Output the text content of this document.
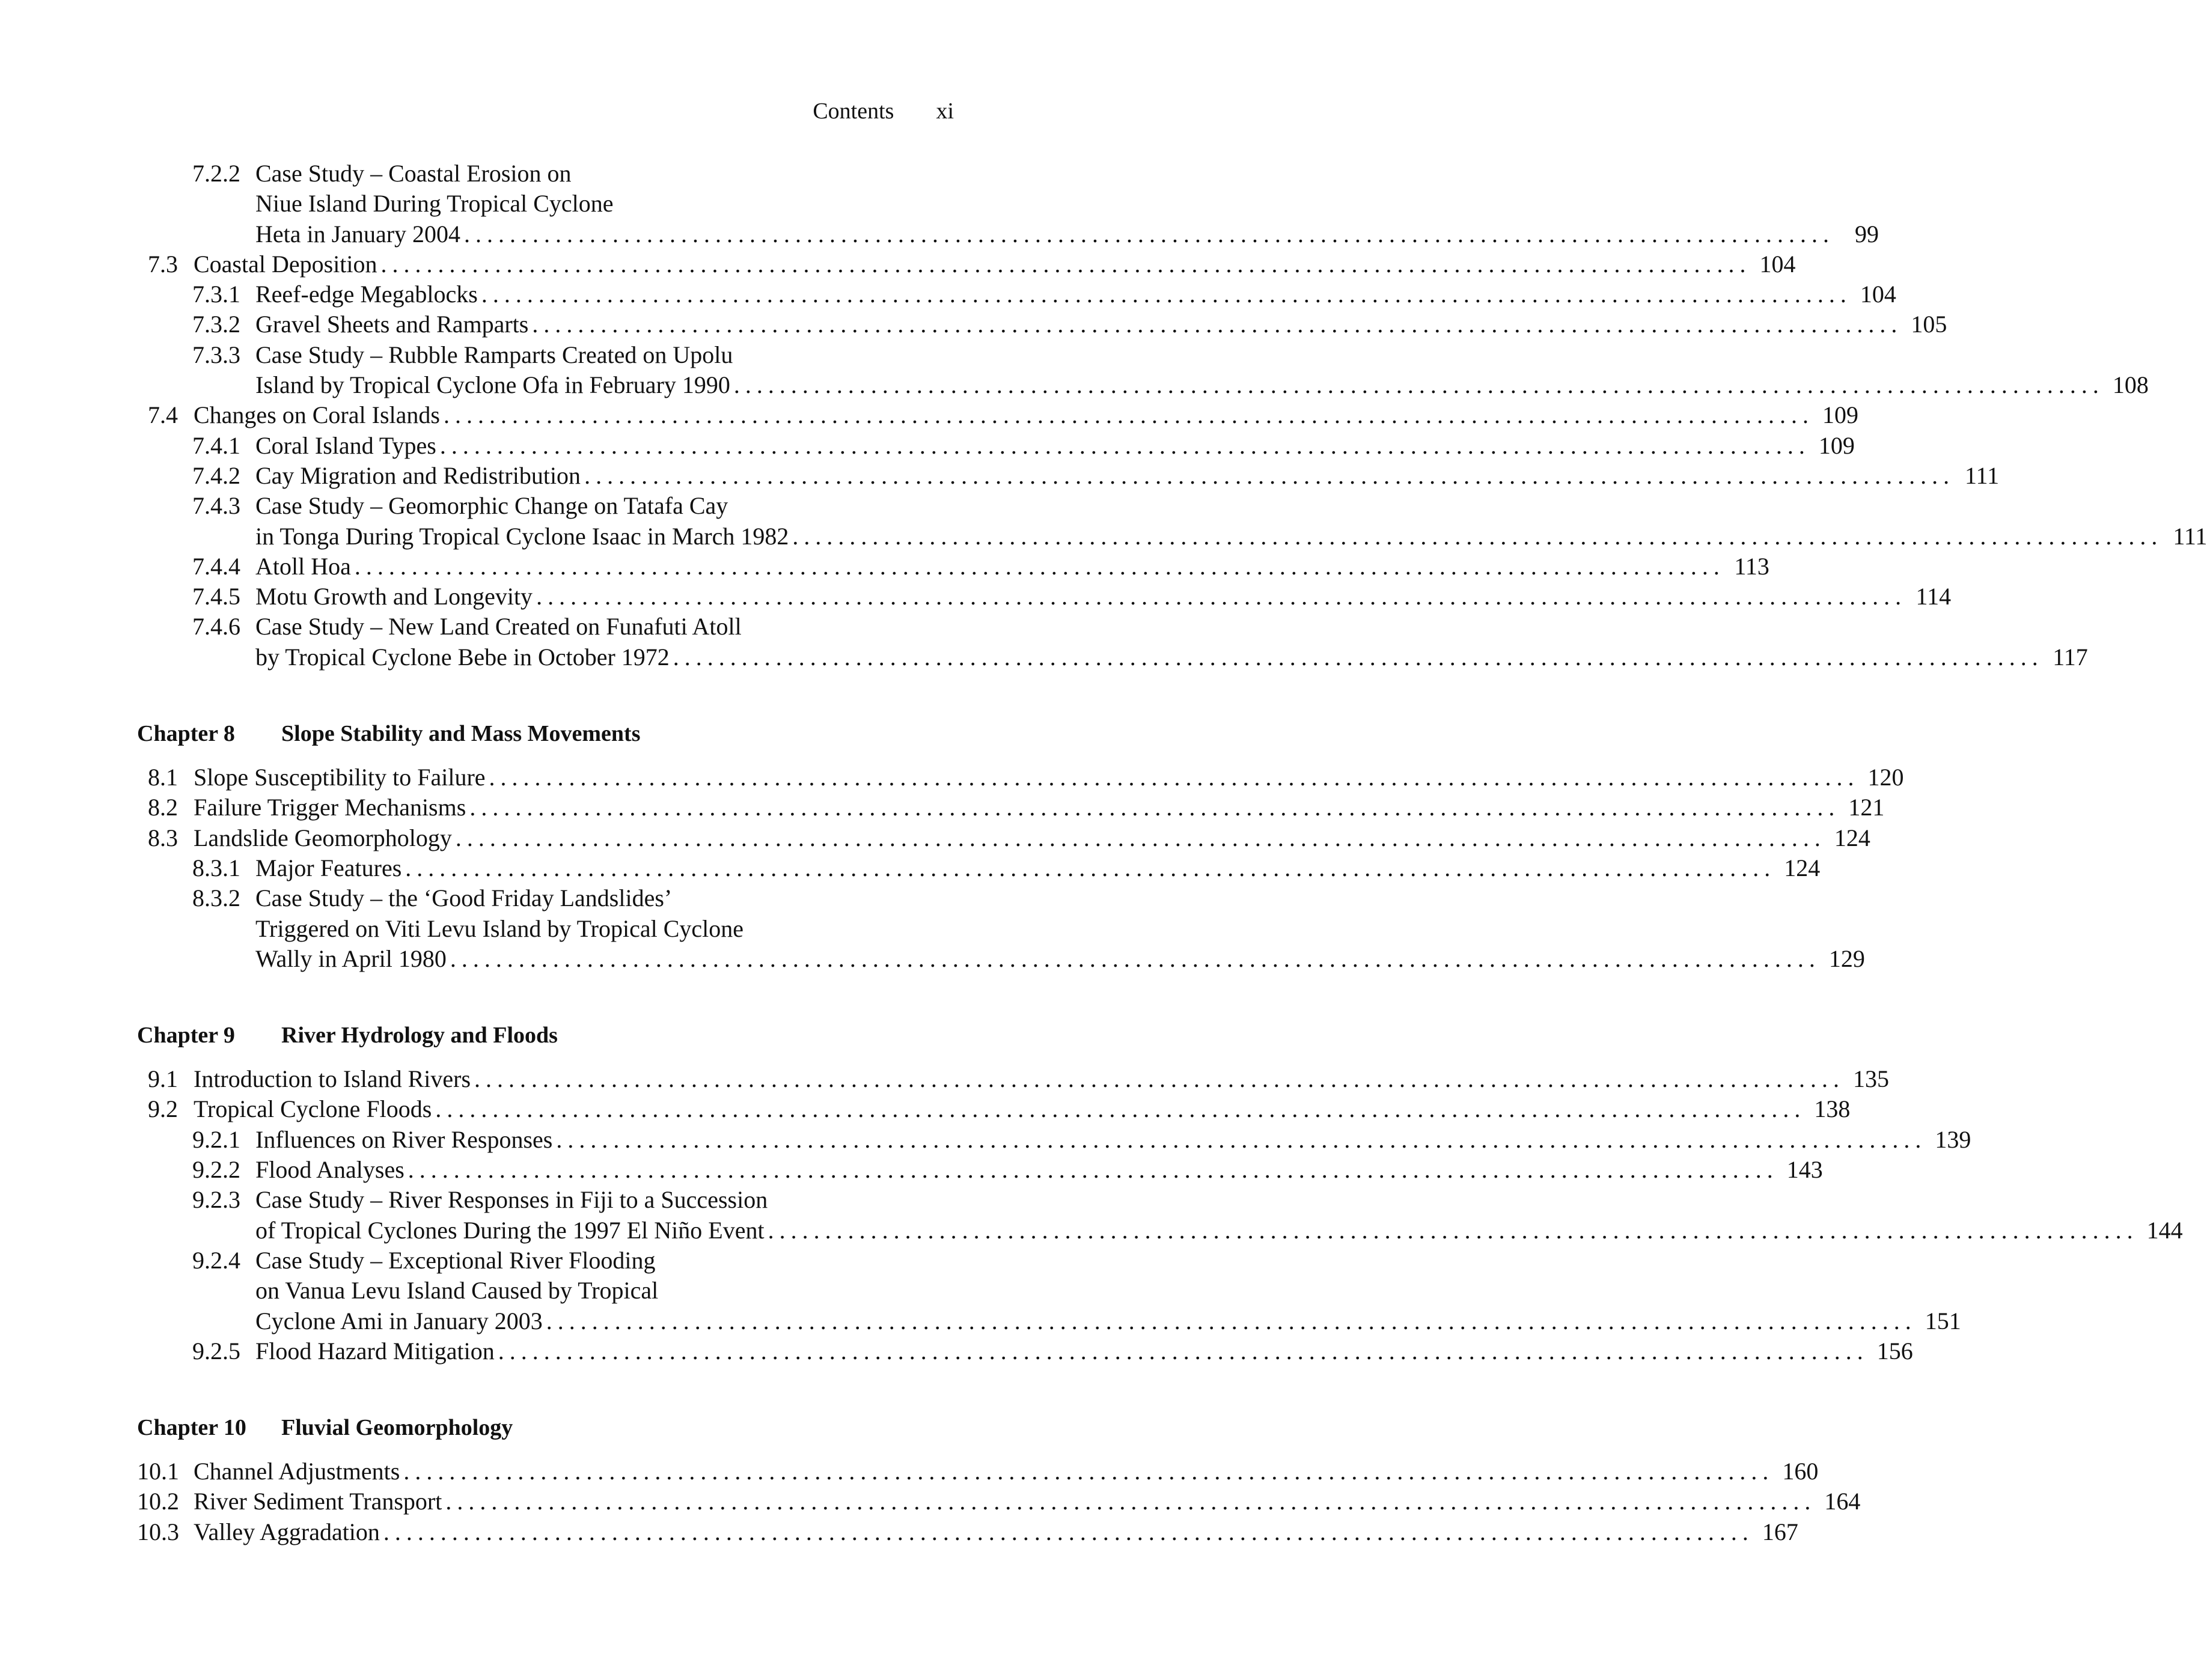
Contents xi
7.2.2 Case Study – Coastal Erosion on
Niue Island During Tropical Cyclone
Heta in January 2004 ........................................................................................................................ 99
7.3 Coastal Deposition ........................................................................................................................ 104
7.3.1 Reef-edge Megablocks ........................................................................................................................ 104
7.3.2 Gravel Sheets and Ramparts ........................................................................................................................ 105
7.3.3 Case Study – Rubble Ramparts Created on Upolu
Island by Tropical Cyclone Ofa in February 1990 ........................................................................................................................ 108
7.4 Changes on Coral Islands ........................................................................................................................ 109
7.4.1 Coral Island Types ........................................................................................................................ 109
7.4.2 Cay Migration and Redistribution ........................................................................................................................ 111
7.4.3 Case Study – Geomorphic Change on Tatafa Cay
in Tonga During Tropical Cyclone Isaac in March 1982 ........................................................................................................................ 111
7.4.4 Atoll Hoa ........................................................................................................................ 113
7.4.5 Motu Growth and Longevity ........................................................................................................................ 114
7.4.6 Case Study – New Land Created on Funafuti Atoll
by Tropical Cyclone Bebe in October 1972 ........................................................................................................................ 117
Chapter 8 Slope Stability and Mass Movements
8.1 Slope Susceptibility to Failure ........................................................................................................................ 120
8.2 Failure Trigger Mechanisms ........................................................................................................................ 121
8.3 Landslide Geomorphology ........................................................................................................................ 124
8.3.1 Major Features ........................................................................................................................ 124
8.3.2 Case Study – the ‘Good Friday Landslides’
Triggered on Viti Levu Island by Tropical Cyclone
Wally in April 1980 ........................................................................................................................ 129
Chapter 9 River Hydrology and Floods
9.1 Introduction to Island Rivers ........................................................................................................................ 135
9.2 Tropical Cyclone Floods ........................................................................................................................ 138
9.2.1 Influences on River Responses ........................................................................................................................ 139
9.2.2 Flood Analyses ........................................................................................................................ 143
9.2.3 Case Study – River Responses in Fiji to a Succession
of Tropical Cyclones During the 1997 El Niño Event ........................................................................................................................ 144
9.2.4 Case Study – Exceptional River Flooding
on Vanua Levu Island Caused by Tropical
Cyclone Ami in January 2003 ........................................................................................................................ 151
9.2.5 Flood Hazard Mitigation ........................................................................................................................ 156
Chapter 10 Fluvial Geomorphology
10.1 Channel Adjustments ........................................................................................................................ 160
10.2 River Sediment Transport ........................................................................................................................ 164
10.3 Valley Aggradation ........................................................................................................................ 167
